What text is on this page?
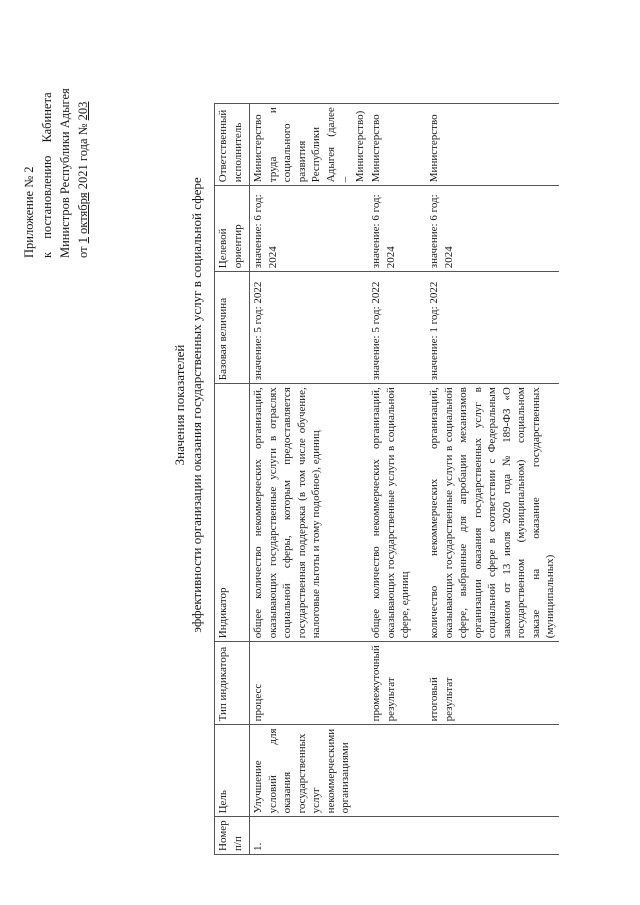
Приложение № 2 к постановлению Кабинета Министров Республики Адыгея от 1 октября 2021 года № 203
Значения показателей эффективности организации оказания государственных услуг в социальной сфере
Номер п/п	Цель	Тип индикатора	Индикатор	Базовая величина	Целевой ориентир	Ответственный исполнитель
1.	Улучшение условий для оказания государственных услуг некоммерческими организациями	процесс	общее количество некоммерческих организаций, оказывающих государственные услуги в отраслях социальной сферы, которым предоставляется государственная поддержка (в том числе обучение, налоговые льготы и тому подобное), единиц	значение: 5 год: 2022	значение: 6 год: 2024	Министерство труда и социального развития Республики Адыгея (далее – Министерство)
		промежуточный результат	общее количество некоммерческих организаций, оказывающих государственные услуги в социальной сфере, единиц	значение: 5 год: 2022	значение: 6 год: 2024	Министерство
		итоговый результат	количество некоммерческих организаций, оказывающих государственные услуги в социальной сфере, выбранные для апробации механизмов организации оказания государственных услуг в социальной сфере в соответствии с Федеральным законом от 13 июля 2020 года № 189-ФЗ «О государственном (муниципальном) социальном заказе на оказание государственных (муниципальных)	значение: 1 год: 2022	значение: 6 год: 2024	Министерство
